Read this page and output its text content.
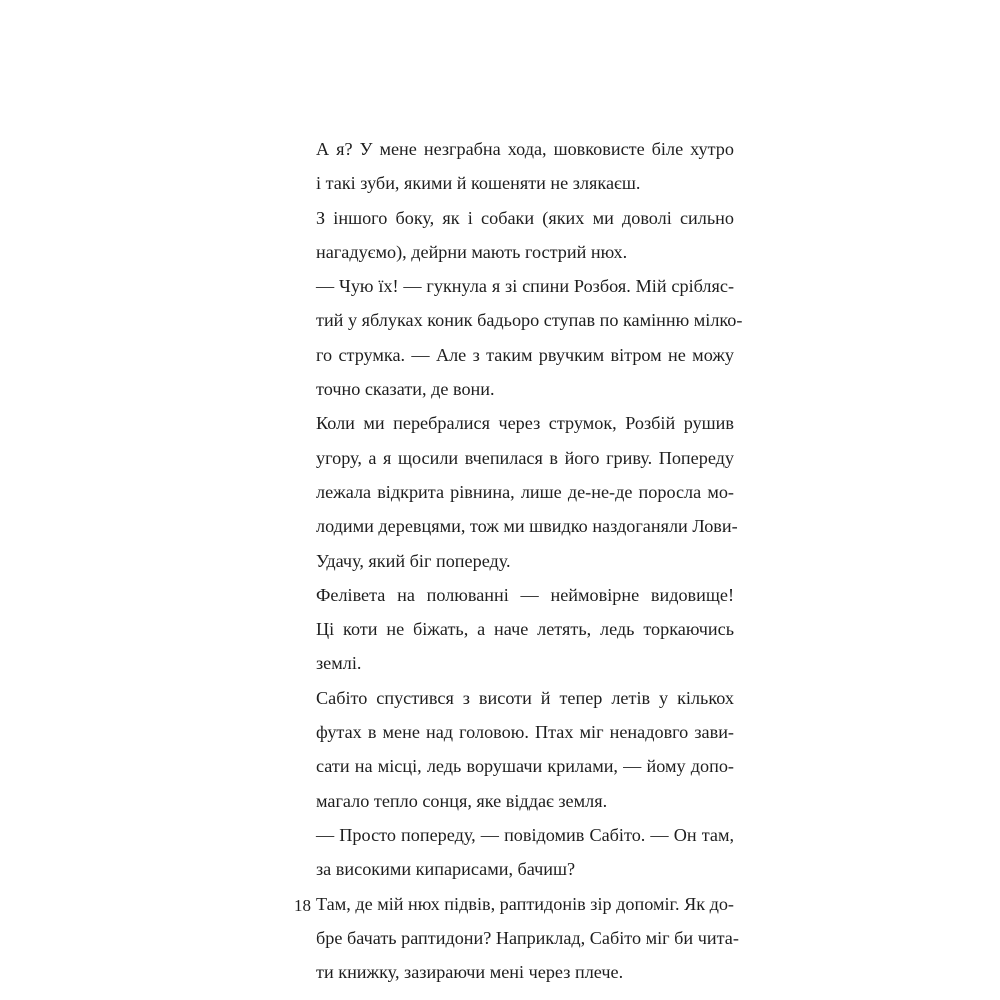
А я? У мене незграбна хода, шовковисте біле хутро
і такі зуби, якими й кошеняти не злякаєш.

З іншого боку, як і собаки (яких ми доволі сильно
нагадуємо), дейрни мають гострий нюх.

— Чую їх! — гукнула я зі спини Розбоя. Мій срібляс-
тий у яблуках коник бадьоро ступав по камінню мілко-
го струмка. — Але з таким рвучким вітром не можу
точно сказати, де вони.

Коли ми перебралися через струмок, Розбій рушив
угору, а я щосили вчепилася в його гриву. Попереду
лежала відкрита рівнина, лише де-не-де поросла мо-
лодими деревцями, тож ми швидко наздоганяли Лови-
Удачу, який біг попереду.

Фелівета на полюванні — неймовірне видовище!
Ці коти не біжать, а наче летять, ледь торкаючись
землі.

Сабіто спустився з висоти й тепер летів у кількох
футах в мене над головою. Птах міг ненадовго зави-
сати на місці, ледь ворушачи крилами, — йому допо-
магало тепло сонця, яке віддає земля.

— Просто попереду, — повідомив Сабіто. — Он там,
за високими кипарисами, бачиш?

Там, де мій нюх підвів, раптидонів зір допоміг. Як до-
бре бачать раптидони? Наприклад, Сабіто міг би чита-
ти книжку, зазираючи мені через плече.

18
